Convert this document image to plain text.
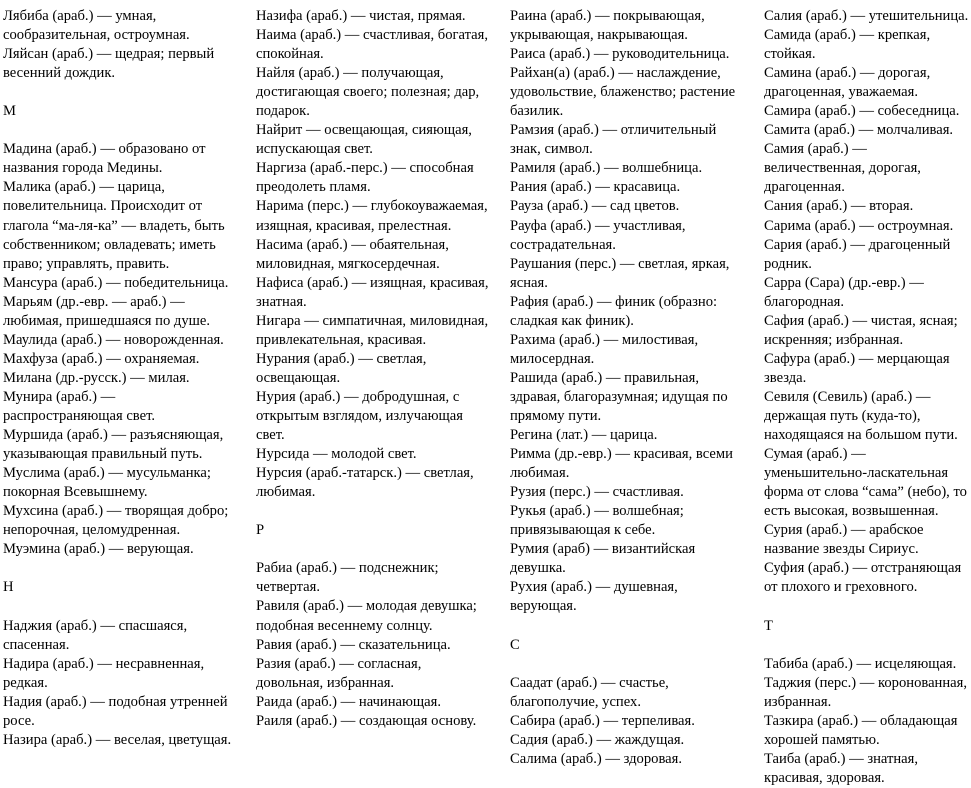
Лябиба (араб.) — умная, сообразительная, остроумная.

Ляйсан (араб.) — щедрая; первый весенний дождик.

М

Мадина (араб.) — образовано от названия города Медины.

Малика (араб.) — царица, повелительница. Происходит от глагола “ма-ля-ка” — владеть, быть собственником; овладевать; иметь право; управлять, править.

Мансура (араб.) — победительница.

Марьям (др.-евр. — араб.) — любимая, пришедшаяся по душе.

Маулида (араб.) — новорожденная.

Махфуза (араб.) — охраняемая.

Милана (др.-русск.) — милая.

Мунира (араб.) — распространяющая свет.

Муршида (араб.) — разъясняющая, указывающая правильный путь.

Муслима (араб.) — мусульманка; покорная Всевышнему.

Мухсина (араб.) — творящая добро; непорочная, целомудренная.

Муэмина (араб.) — верующая.

Н

Наджия (араб.) — спасшаяся, спасенная.

Надира (араб.) — несравненная, редкая.

Надия (араб.) — подобная утренней росе.

Назира (араб.) — веселая, цветущая.

Назифа (араб.) — чистая, прямая.

Наима (араб.) — счастливая, богатая, спокойная.

Найля (араб.) — получающая, достигающая своего; полезная; дар, подарок.

Найрит — освещающая, сияющая, испускающая свет.

Наргиза (араб.-перс.) — способная преодолеть пламя.

Нарима (перс.) — глубокоуважаемая, изящная, красивая, прелестная.

Насима (араб.) — обаятельная, миловидная, мягкосердечная.

Нафиса (араб.) — изящная, красивая, знатная.

Нигара — симпатичная, миловидная, привлекательная, красивая.

Нурания (араб.) — светлая, освещающая.

Нурия (араб.) — добродушная, с открытым взглядом, излучающая свет.

Нурсида — молодой свет.

Нурсия (араб.-татарск.) — светлая, любимая.

Р

Рабиа (араб.) — подснежник; четвертая.

Равиля (араб.) — молодая девушка; подобная весеннему солнцу.

Равия (араб.) — сказательница.

Разия (араб.) — согласная, довольная, избранная.

Раида (араб.) — начинающая.

Раиля (араб.) — создающая основу.

Раина (араб.) — покрывающая, укрывающая, накрывающая.

Раиса (араб.) — руководительница.

Райхан(а) (араб.) — наслаждение, удовольствие, блаженство; растение базилик.

Рамзия (араб.) — отличительный знак, символ.

Рамиля (араб.) — волшебница.

Рания (араб.) — красавица.

Рауза (араб.) — сад цветов.

Рауфа (араб.) — участливая, сострадательная.

Раушания (перс.) — светлая, яркая, ясная.

Рафия (араб.) — финик (образно: сладкая как финик).

Рахима (араб.) — милостивая, милосердная.

Рашида (араб.) — правильная, здравая, благоразумная; идущая по прямому пути.

Регина (лат.) — царица.

Римма (др.-евр.) — красивая, всеми любимая.

Рузия (перс.) — счастливая.

Рукья (араб.) — волшебная; привязывающая к себе.

Румия (араб) — византийская девушка.

Рухия (араб.) — душевная, верующая.

С

Саадат (араб.) — счастье, благополучие, успех.

Сабира (араб.) — терпеливая.

Садия (араб.) — жаждущая.

Салима (араб.) — здоровая.

Салия (араб.) — утешительница.

Самида (араб.) — крепкая, стойкая.

Самина (араб.) — дорогая, драгоценная, уважаемая.

Самира (араб.) — собеседница.

Самита (араб.) — молчаливая.

Самия (араб.) — величественная, дорогая, драгоценная.

Сания (араб.) — вторая.

Сарима (араб.) — остроумная.

Сария (араб.) — драгоценный родник.

Сарра (Сара) (др.-евр.) — благородная.

Сафия (араб.) — чистая, ясная; искренняя; избранная.

Сафура (араб.) — мерцающая звезда.

Севиля (Севиль) (араб.) — держащая путь (куда-то), находящаяся на большом пути.

Сумая (араб.) — уменьшительно-ласкательная форма от слова “сама” (небо), то есть высокая, возвышенная.

Сурия (араб.) — арабское название звезды Сириус.

Суфия (араб.) — отстраняющая от плохого и греховного.

Т

Табиба (араб.) — исцеляющая.

Таджия (перс.) — коронованная, избранная.

Тазкира (араб.) — обладающая хорошей памятью.

Таиба (араб.) — знатная, красивая, здоровая.
